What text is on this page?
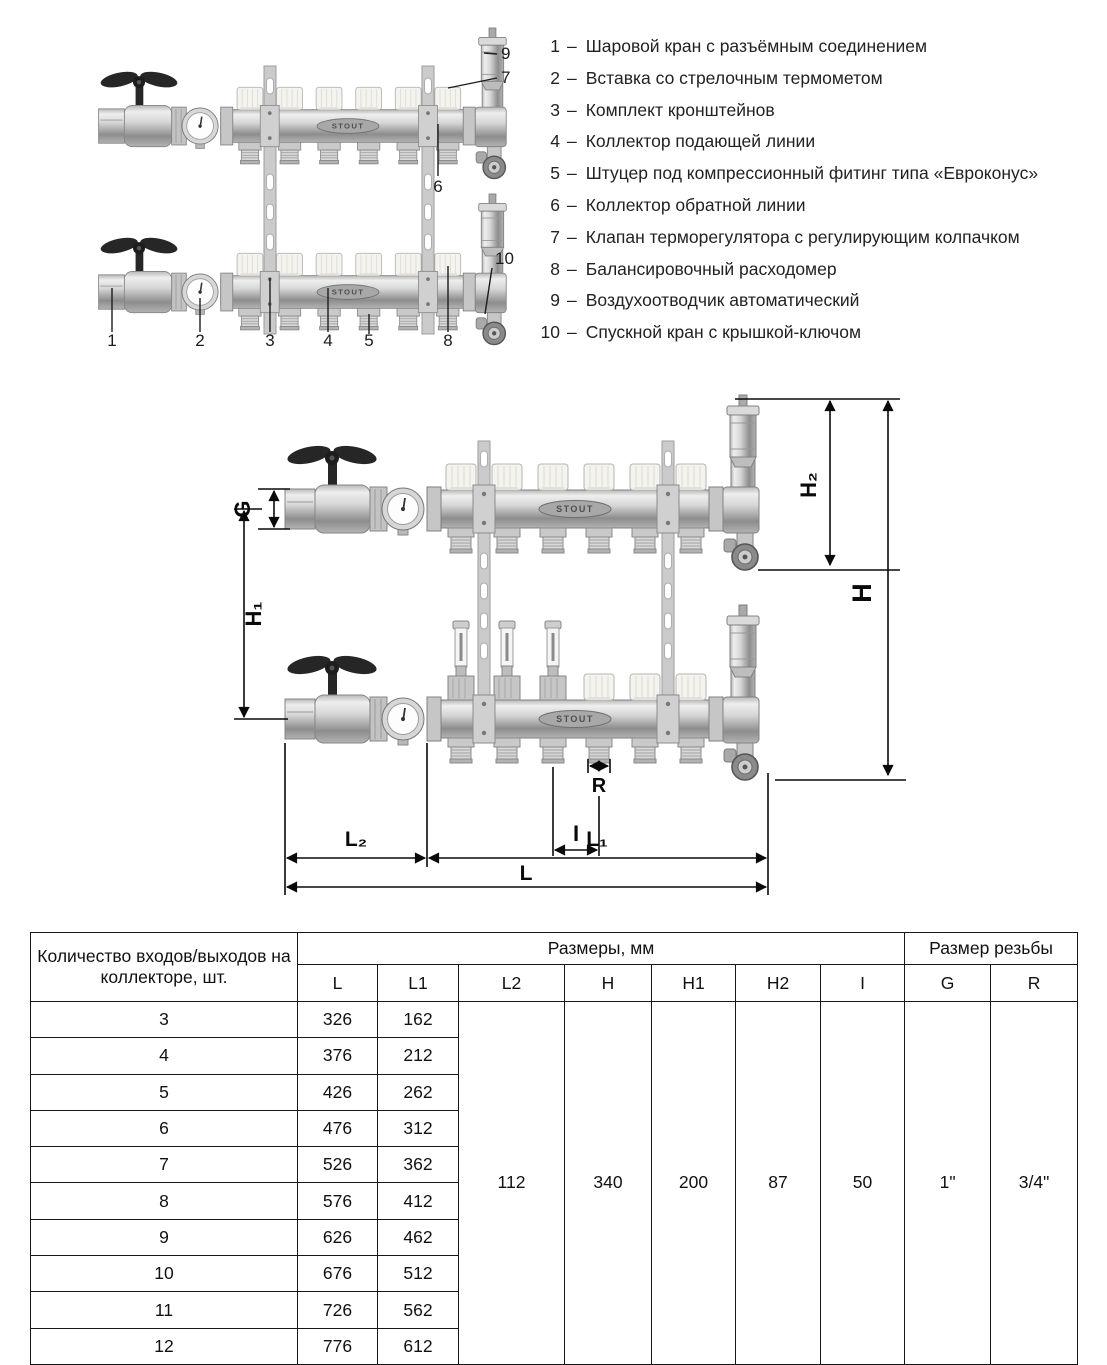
STOUT
STOUT
9
7
6
10
1	2	3	4 5	8
1 – Шаровой кран с разъёмным соединением
2 – Вставка со стрелочным термометом
3 – Комплект кронштейнов
4 – Коллектор подающей линии
5 – Штуцер под компрессионный фитинг типа «Евроконус»
6 – Коллектор обратной линии
7 – Клапан терморегулятора с регулирующим колпачком
8 – Балансировочный расходомер
9 – Воздухоотводчик автоматический
10 – Спускной кран с крышкой-ключом
STOUT
STOUT
G
H₁
H₂
H
R
I
L₂	L₁
L
Количество входов/выходов на коллекторе, шт.	Размеры, мм							Размер резьбы	
	L	L1	L2	H	H1	H2	I	G	R
3	326	162	112	340	200	87	50	1"	3/4"
4	376	212							
5	426	262							
6	476	312							
7	526	362							
8	576	412							
9	626	462							
10	676	512							
11	726	562							
12	776	612							
